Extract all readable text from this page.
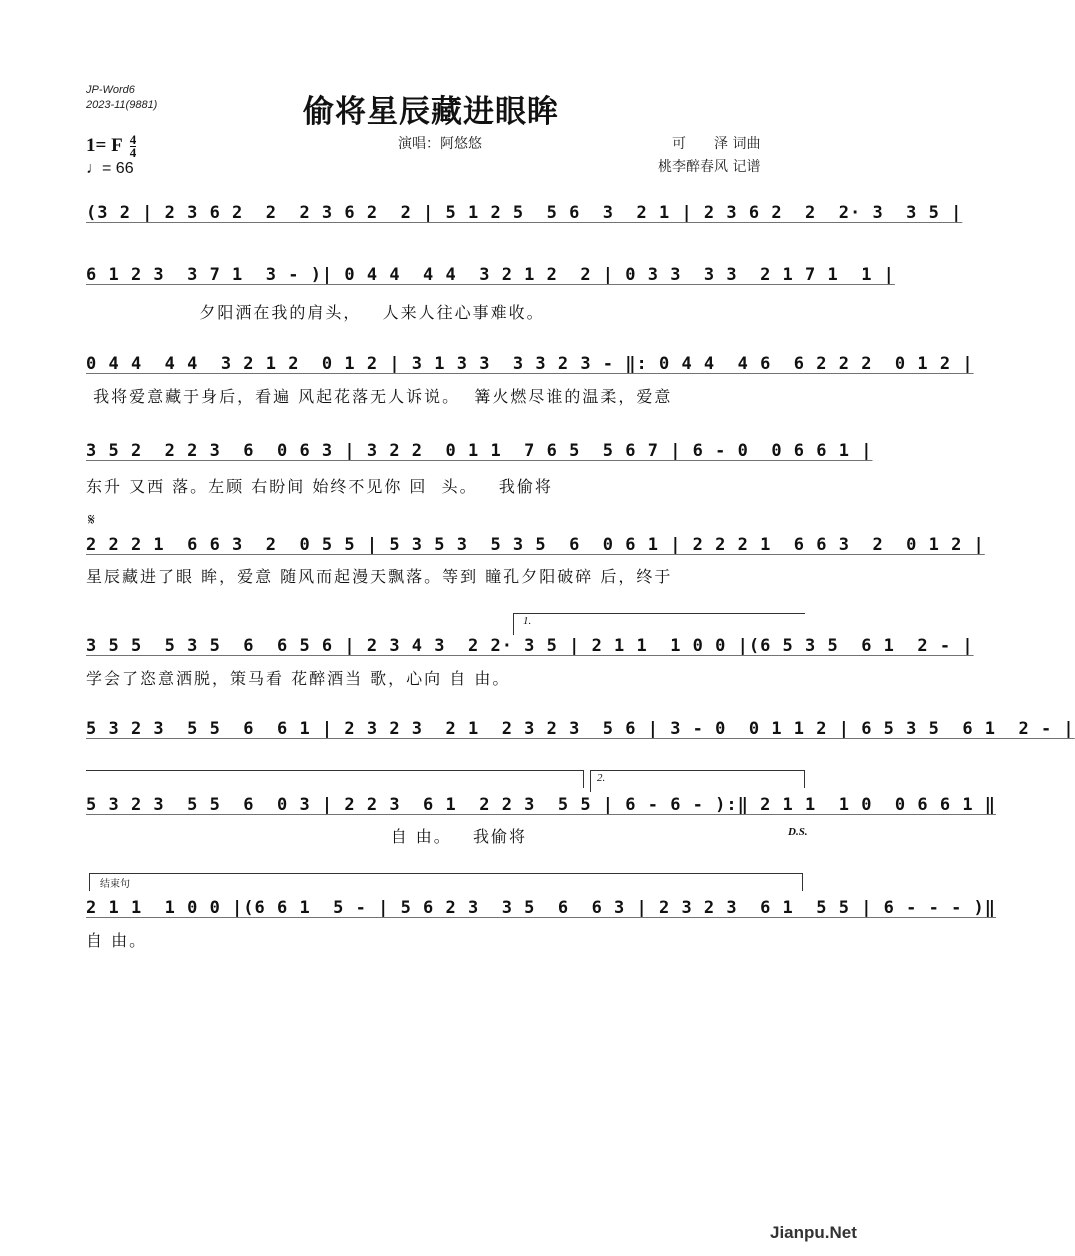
JP-Word6
2023-11(9881)	偷将星辰藏进眼眸
1= F $\frac{4}{4}$
♩= 66
演唱：阿悠悠	可　　泽 词曲
桃李醉春风 记谱
(3 2 | 2 3 6 2  2  2 3 6 2  2 | 5 1 2 5  5 6  3  2 1 | 2 3 6 2  2  2· 3  3 5 |
6 1 2 3  3 7 1  3 - )| 0 4 4  4 4  3 2 1 2  2 | 0 3 3  3 3  2 1 7 1  1 |
夕阳洒在我的肩头，   人来人往心事难收。
0 4 4  4 4  3 2 1 2  0 1 2 | 3 1 3 3  3 3 2 3 - ‖: 0 4 4  4 6  6 2 2 2  0 1 2 |
我将爱意藏于身后，看遍 风起花落无人诉说。  篝火燃尽谁的温柔，爱意
3 5 2  2 2 3  6  0 6 3 | 3 2 2  0 1 1  7 6 5  5 6 7 | 6 - 0  0 6 6 1 |
东升 又西 落。左顾 右盼间 始终不见你 回  头。   我偷将
𝄋
2 2 2 1  6 6 3  2  0 5 5 | 5 3 5 3  5 3 5  6  0 6 1 | 2 2 2 1  6 6 3  2  0 1 2 |
星辰藏进了眼 眸，爱意 随风而起漫天飘落。等到 瞳孔夕阳破碎 后，终于
1.
3 5 5  5 3 5  6  6 5 6 | 2 3 4 3  2 2· 3 5 | 2 1 1  1 0 0 |(6 5 3 5  6 1  2 - |
学会了恣意洒脱，策马看 花醉酒当 歌，心向 自 由。
5 3 2 3  5 5  6  6 1 | 2 3 2 3  2 1  2 3 2 3  5 6 | 3 - 0  0 1 1 2 | 6 5 3 5  6 1  2 - |
2.
5 3 2 3  5 5  6  0 3 | 2 2 3  6 1  2 2 3  5 5 | 6 - 6 - ):‖ 2 1 1  1 0  0 6 6 1 ‖
自 由。   我偷将	D.S.
结束句
2 1 1  1 0 0 |(6 6 1  5 - | 5 6 2 3  3 5  6  6 3 | 2 3 2 3  6 1  5 5 | 6 - - - )‖
自 由。
Jianpu.Net
